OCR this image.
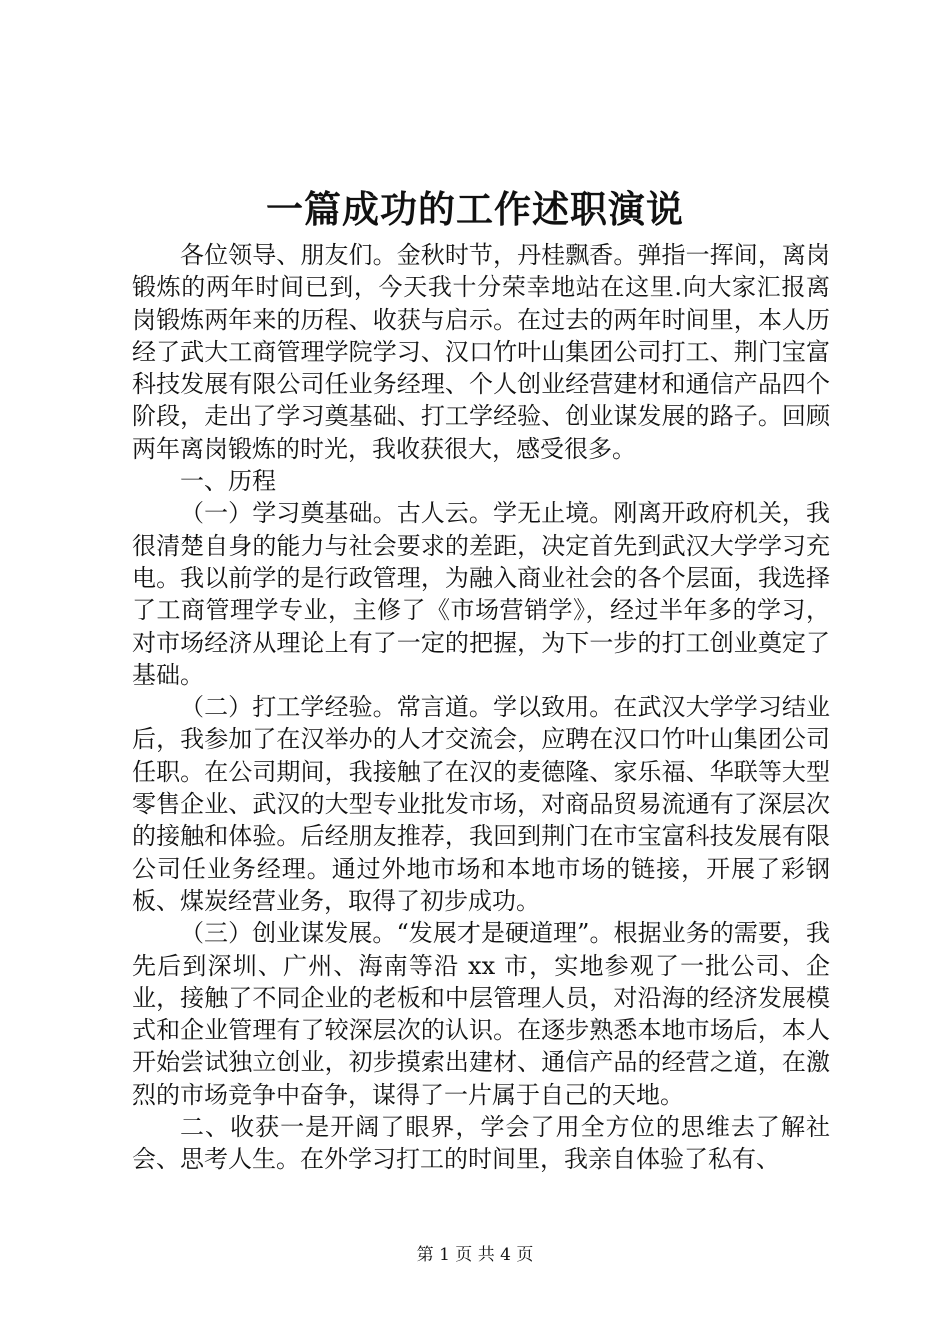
一篇成功的工作述职演说

各位领导、朋友们。金秋时节，丹桂飘香。弹指一挥间，离岗锻炼的两年时间已到，今天我十分荣幸地站在这里.向大家汇报离岗锻炼两年来的历程、收获与启示。在过去的两年时间里，本人历经了武大工商管理学院学习、汉口竹叶山集团公司打工、荆门宝富科技发展有限公司任业务经理、个人创业经营建材和通信产品四个阶段，走出了学习奠基础、打工学经验、创业谋发展的路子。回顾两年离岗锻炼的时光，我收获很大，感受很多。

一、历程

（一）学习奠基础。古人云。学无止境。刚离开政府机关，我很清楚自身的能力与社会要求的差距，决定首先到武汉大学学习充电。我以前学的是行政管理，为融入商业社会的各个层面，我选择了工商管理学专业，主修了《市场营销学》，经过半年多的学习，对市场经济从理论上有了一定的把握，为下一步的打工创业奠定了基础。

（二）打工学经验。常言道。学以致用。在武汉大学学习结业后，我参加了在汉举办的人才交流会，应聘在汉口竹叶山集团公司任职。在公司期间，我接触了在汉的麦德隆、家乐福、华联等大型零售企业、武汉的大型专业批发市场，对商品贸易流通有了深层次的接触和体验。后经朋友推荐，我回到荆门在市宝富科技发展有限公司任业务经理。通过外地市场和本地市场的链接，开展了彩钢板、煤炭经营业务，取得了初步成功。

（三）创业谋发展。“发展才是硬道理”。根据业务的需要，我先后到深圳、广州、海南等沿 xx 市，实地参观了一批公司、企业，接触了不同企业的老板和中层管理人员，对沿海的经济发展模式和企业管理有了较深层次的认识。在逐步熟悉本地市场后，本人开始尝试独立创业，初步摸索出建材、通信产品的经营之道，在激烈的市场竞争中奋争，谋得了一片属于自己的天地。

二、收获一是开阔了眼界，学会了用全方位的思维去了解社会、思考人生。在外学习打工的时间里，我亲自体验了私有、

第 1 页 共 4 页
